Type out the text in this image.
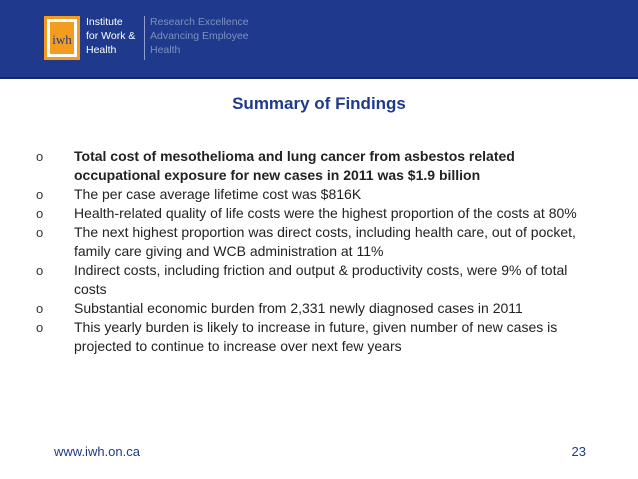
iwh
Institute
for Work &
Health
Research Excellence
Advancing Employee
Health
Summary of Findings
o Total cost of mesothelioma and lung cancer from asbestos related occupational exposure for new cases in 2011 was $1.9 billion
o The per case average lifetime cost was $816K
o Health-related quality of life costs were the highest proportion of the costs at 80%
o The next highest proportion was direct costs, including health care, out of pocket, family care giving and WCB administration at 11%
o Indirect costs, including friction and output & productivity costs, were 9% of total costs
o Substantial economic burden from 2,331 newly diagnosed cases in 2011
o This yearly burden is likely to increase in future, given number of new cases is projected to continue to increase over next few years
www.iwh.on.ca	23
